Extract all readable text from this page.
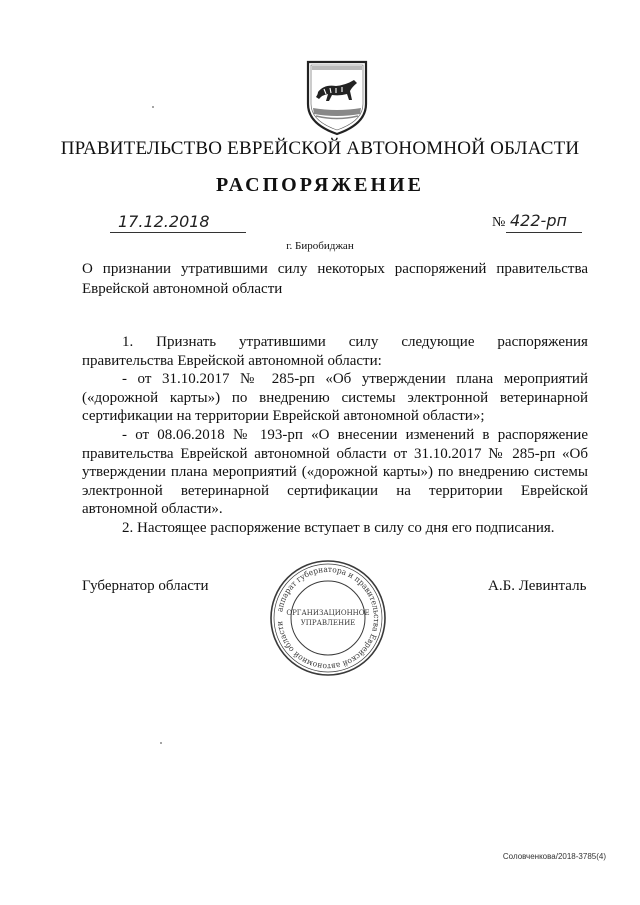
ПРАВИТЕЛЬСТВО ЕВРЕЙСКОЙ АВТОНОМНОЙ ОБЛАСТИ
РАСПОРЯЖЕНИЕ
17.12.2018	№ 422-рп
г. Биробиджан
О признании утратившими силу некоторых распоряжений правительства Еврейской автономной области
1. Признать утратившими силу следующие распоряжения

правительства Еврейской автономной области:

- от 31.10.2017 № 285-рп «Об утверждении плана мероприятий («дорожной карты») по внедрению системы электронной ветеринарной сертификации на территории Еврейской автономной области»;

- от 08.06.2018 № 193-рп «О внесении изменений в распоряжение правительства Еврейской автономной области от 31.10.2017 № 285-рп «Об утверждении плана мероприятий («дорожной карты») по внедрению системы электронной ветеринарной сертификации на территории Еврейской автономной области».

2. Настоящее распоряжение вступает в силу со дня его подписания.

Губернатор области	А.Б. Левинталь
аппарат губернатора и правительства Еврейской автономной области
ОРГАНИЗАЦИОННОЕ
УПРАВЛЕНИЕ
Соловченкова/2018-3785(4)
